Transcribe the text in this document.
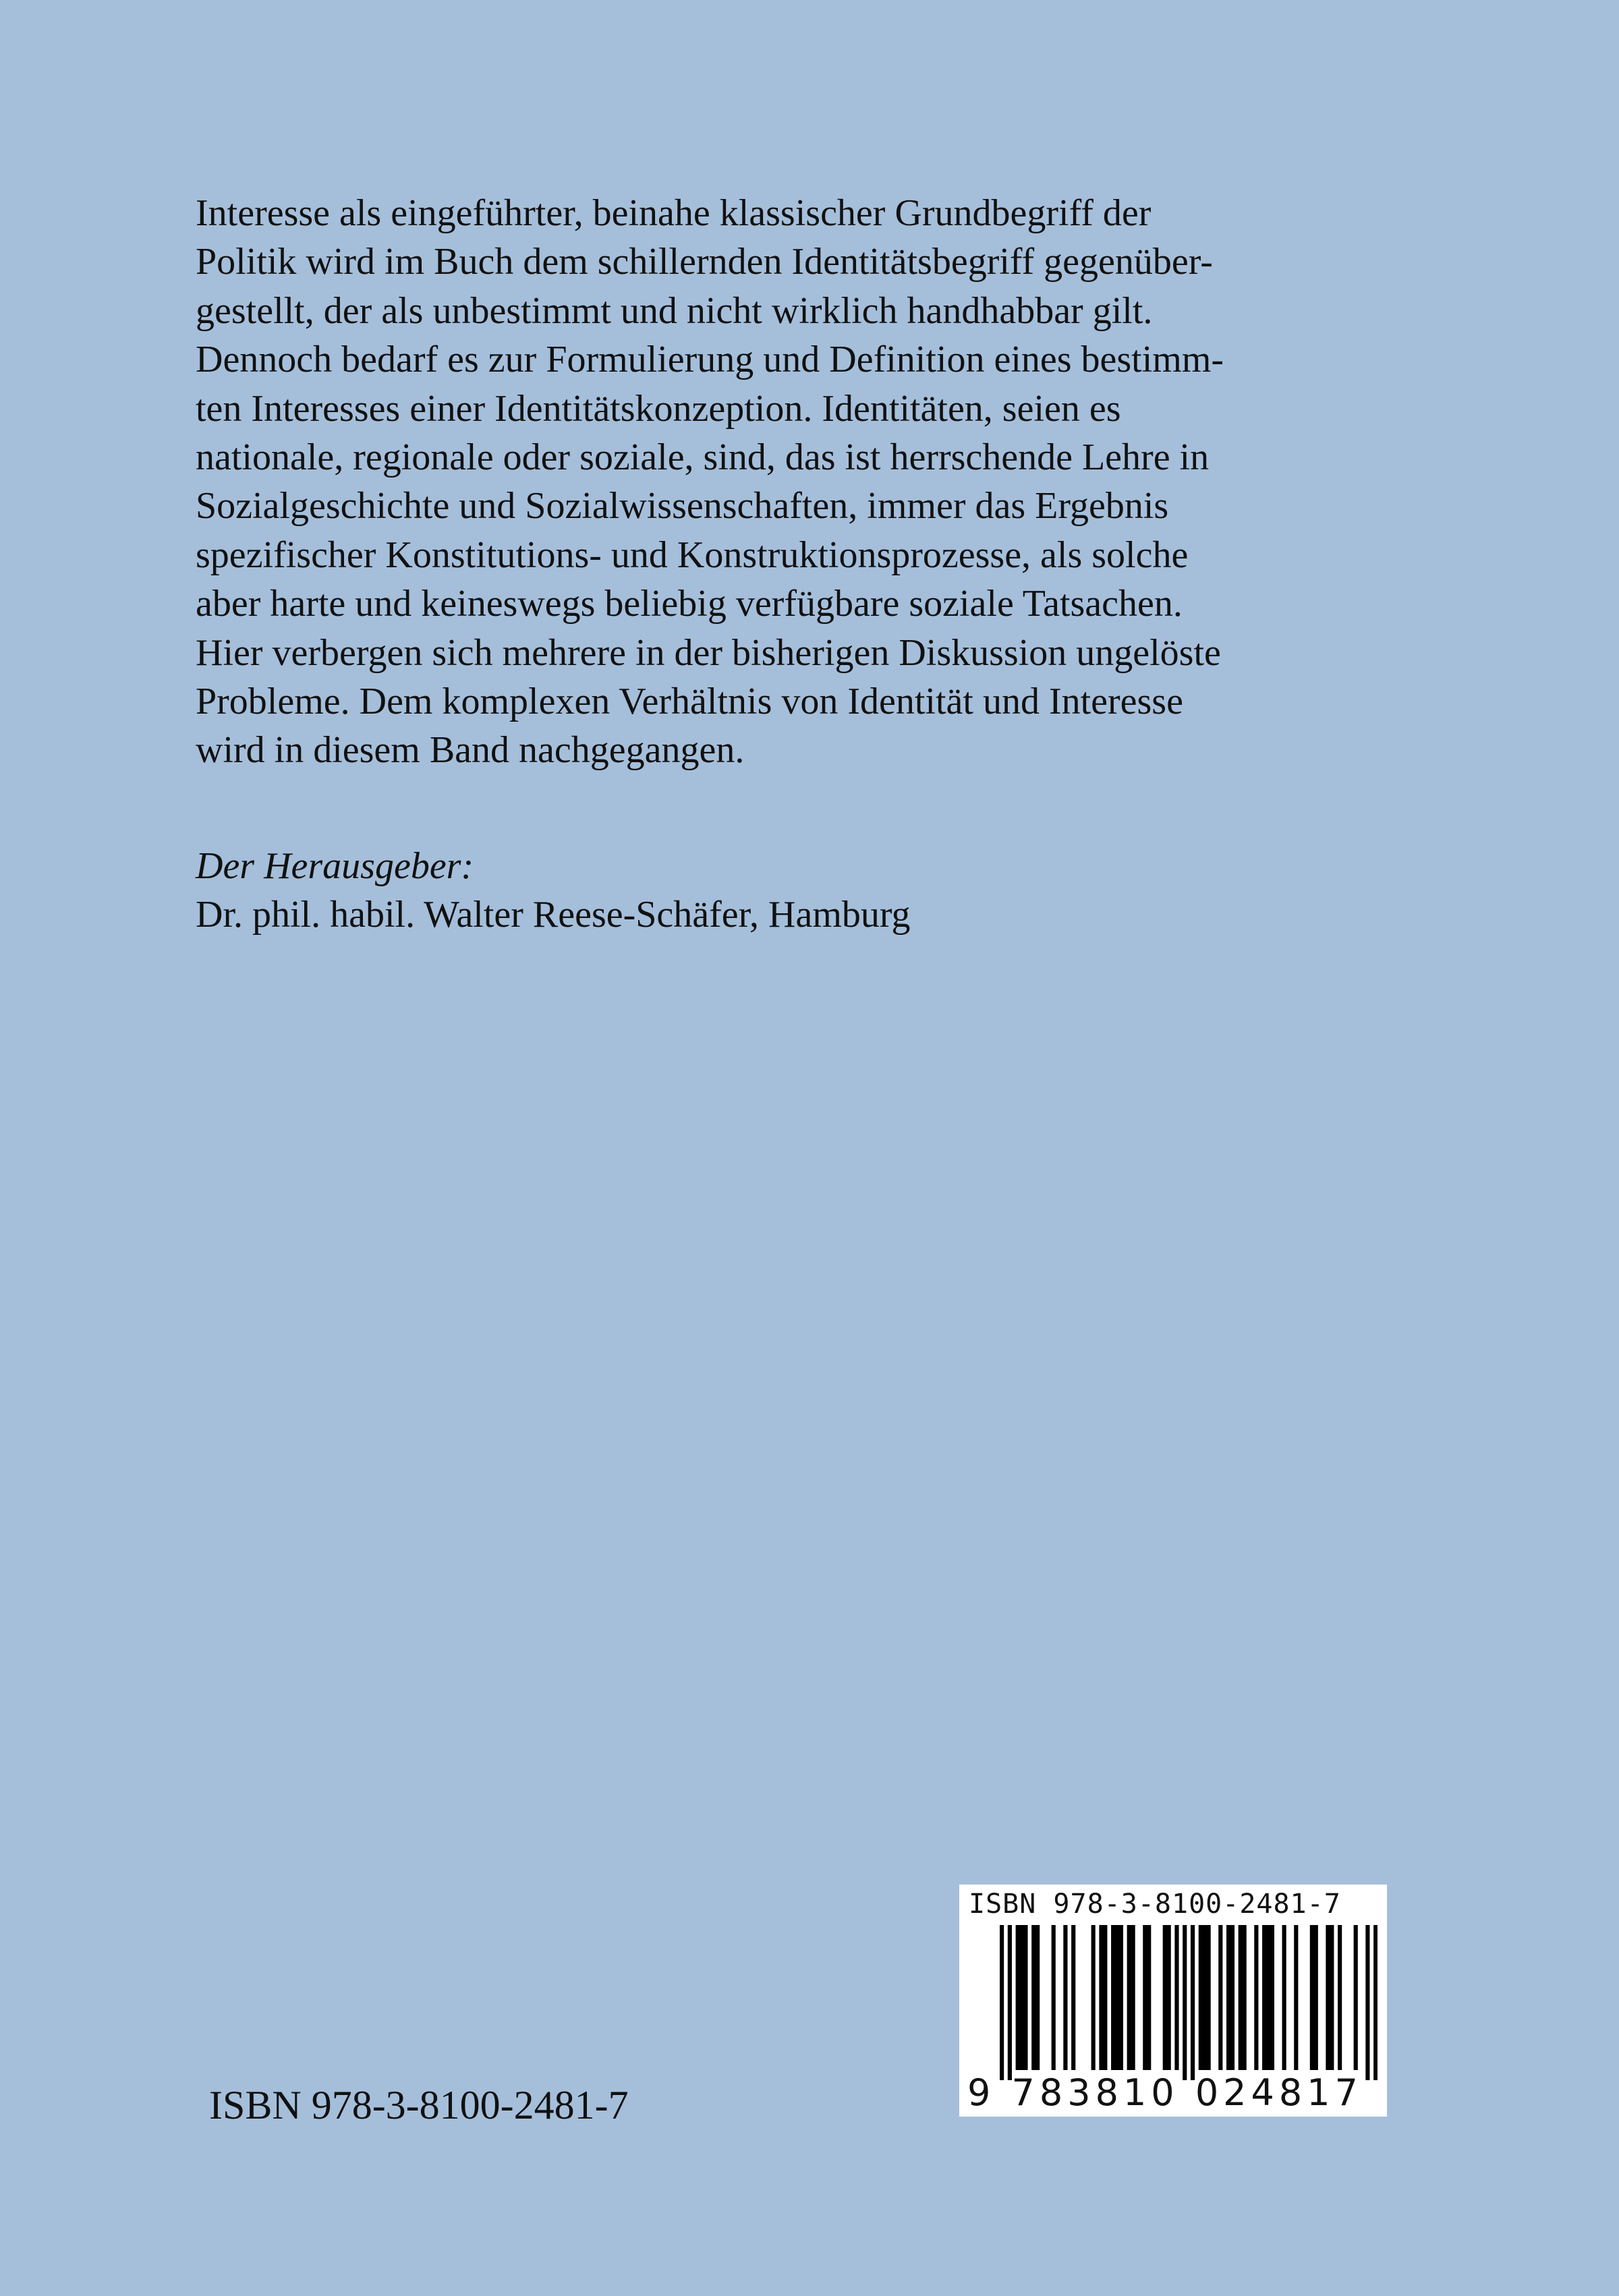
Interesse als eingeführter, beinahe klassischer Grundbegriff der
Politik wird im Buch dem schillernden Identitätsbegriff gegenüber-
gestellt, der als unbestimmt und nicht wirklich handhabbar gilt.
Dennoch bedarf es zur Formulierung und Definition eines bestimm-
ten Interesses einer Identitätskonzeption. Identitäten, seien es
nationale, regionale oder soziale, sind, das ist herrschende Lehre in
Sozialgeschichte und Sozialwissenschaften, immer das Ergebnis
spezifischer Konstitutions- und Konstruktionsprozesse, als solche
aber harte und keineswegs beliebig verfügbare soziale Tatsachen.
Hier verbergen sich mehrere in der bisherigen Diskussion ungelöste
Probleme. Dem komplexen Verhältnis von Identität und Interesse
wird in diesem Band nachgegangen.

Der Herausgeber:

Dr. phil. habil. Walter Reese-Schäfer, Hamburg

ISBN 978-3-8100-2481-7
ISBN 978-3-8100-2481-7
9 783810 024817
